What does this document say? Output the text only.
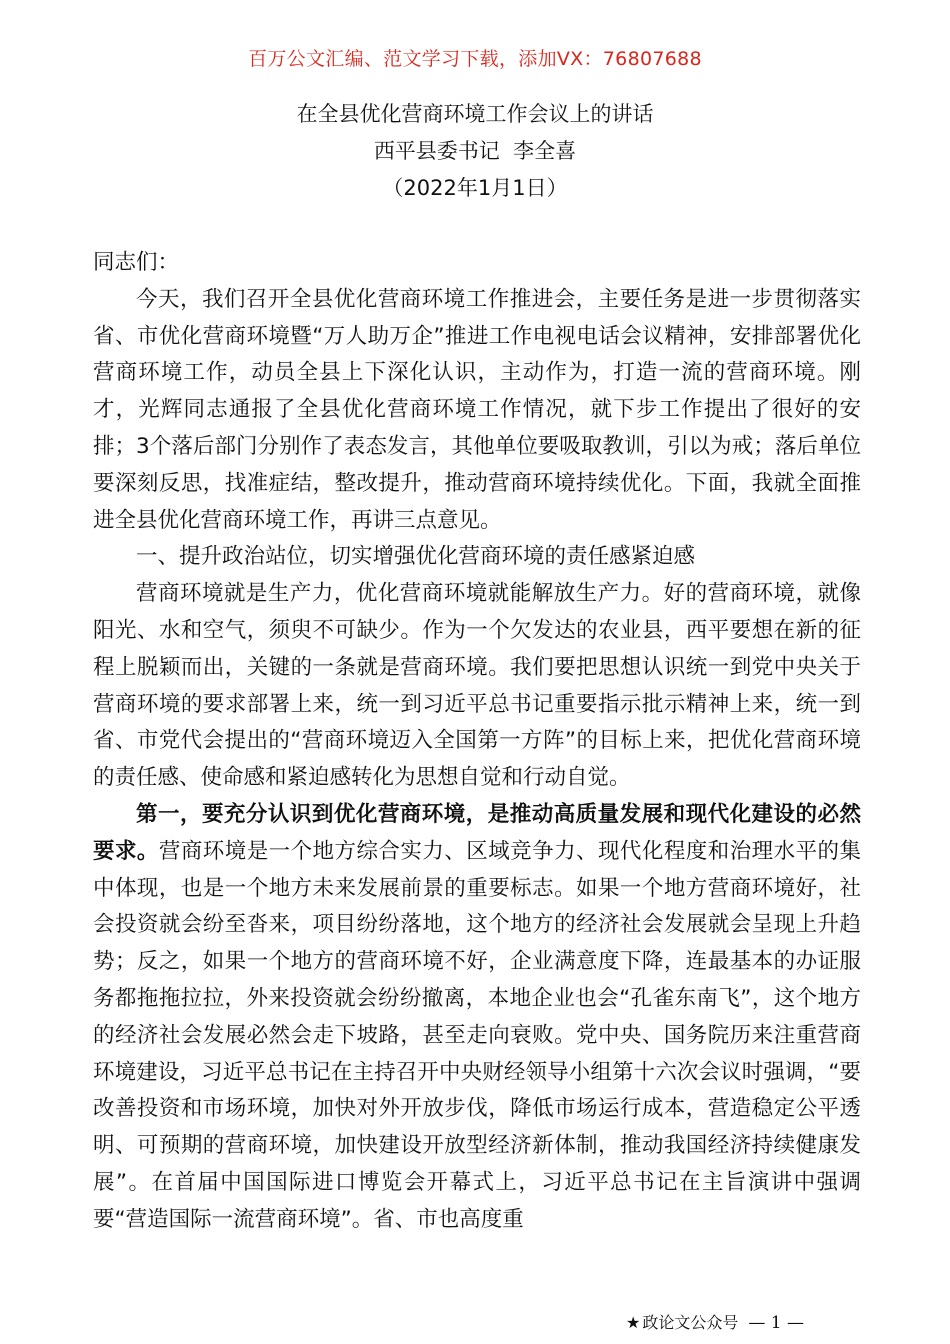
百万公文汇编、范文学习下载，添加VX：76807688
在全县优化营商环境工作会议上的讲话
西平县委书记  李全喜
（2022年1月1日）

同志们：

今天，我们召开全县优化营商环境工作推进会，主要任务是进一步贯彻落实省、市优化营商环境暨“万人助万企”推进工作电视电话会议精神，安排部署优化营商环境工作，动员全县上下深化认识，主动作为，打造一流的营商环境。刚才，光辉同志通报了全县优化营商环境工作情况，就下步工作提出了很好的安排；3个落后部门分别作了表态发言，其他单位要吸取教训，引以为戒；落后单位要深刻反思，找准症结，整改提升，推动营商环境持续优化。下面，我就全面推进全县优化营商环境工作，再讲三点意见。

一、提升政治站位，切实增强优化营商环境的责任感紧迫感

营商环境就是生产力，优化营商环境就能解放生产力。好的营商环境，就像阳光、水和空气，须臾不可缺少。作为一个欠发达的农业县，西平要想在新的征程上脱颖而出，关键的一条就是营商环境。我们要把思想认识统一到党中央关于营商环境的要求部署上来，统一到习近平总书记重要指示批示精神上来，统一到省、市党代会提出的“营商环境迈入全国第一方阵”的目标上来，把优化营商环境的责任感、使命感和紧迫感转化为思想自觉和行动自觉。

第一，要充分认识到优化营商环境，是推动高质量发展和现代化建设的必然要求。营商环境是一个地方综合实力、区域竞争力、现代化程度和治理水平的集中体现，也是一个地方未来发展前景的重要标志。如果一个地方营商环境好，社会投资就会纷至沓来，项目纷纷落地，这个地方的经济社会发展就会呈现上升趋势；反之，如果一个地方的营商环境不好，企业满意度下降，连最基本的办证服务都拖拖拉拉，外来投资就会纷纷撤离，本地企业也会“孔雀东南飞”，这个地方的经济社会发展必然会走下坡路，甚至走向衰败。党中央、国务院历来注重营商环境建设，习近平总书记在主持召开中央财经领导小组第十六次会议时强调，“要改善投资和市场环境，加快对外开放步伐，降低市场运行成本，营造稳定公平透明、可预期的营商环境，加快建设开放型经济新体制，推动我国经济持续健康发展”。在首届中国国际进口博览会开幕式上，习近平总书记在主旨演讲中强调要“营造国际一流营商环境”。省、市也高度重

★ 政论文公众号 — 1 —
